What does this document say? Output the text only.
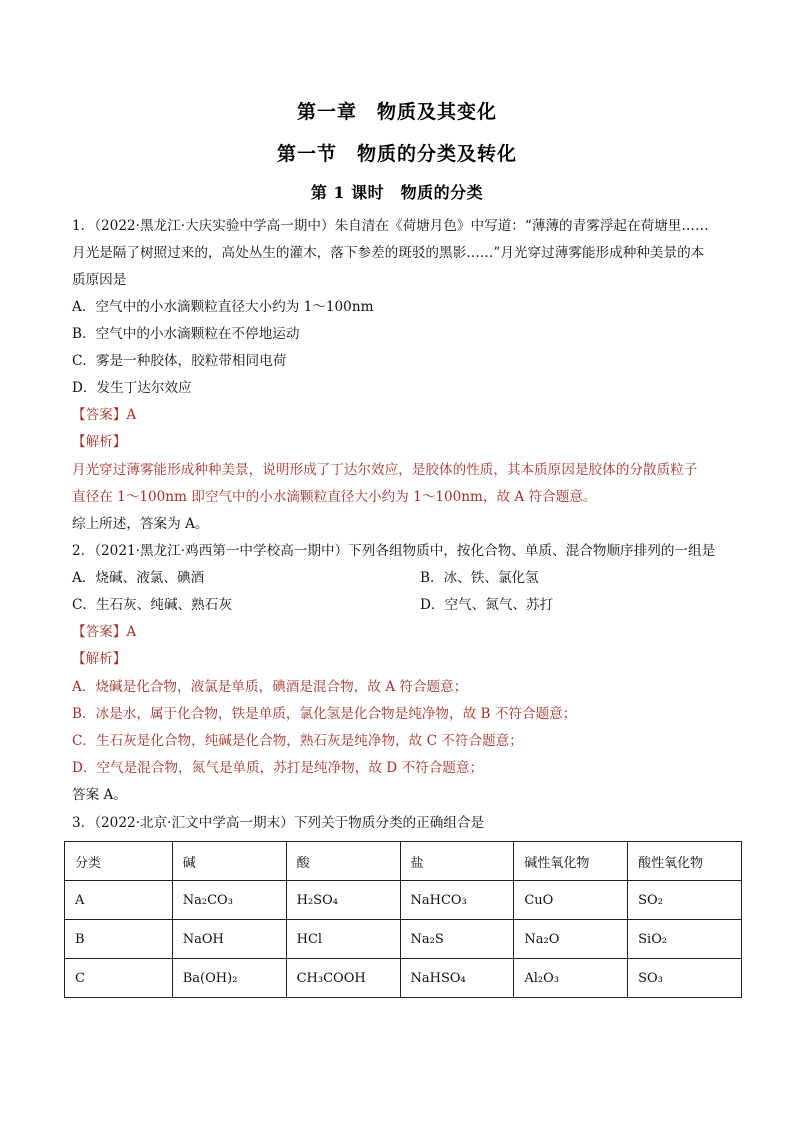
第一章　物质及其变化
第一节　物质的分类及转化
第 1 课时　物质的分类
1．（2022·黑龙江·大庆实验中学高一期中）朱自清在《荷塘月色》中写道：“薄薄的青雾浮起在荷塘里……
月光是隔了树照过来的，高处丛生的灌木，落下参差的斑驳的黑影……”月光穿过薄雾能形成种种美景的本
质原因是
A．空气中的小水滴颗粒直径大小约为 1～100nm
B．空气中的小水滴颗粒在不停地运动
C．雾是一种胶体，胶粒带相同电荷
D．发生丁达尔效应
【答案】A
【解析】
月光穿过薄雾能形成种种美景，说明形成了丁达尔效应，是胶体的性质，其本质原因是胶体的分散质粒子
直径在 1～100nm 即空气中的小水滴颗粒直径大小约为 1～100nm，故 A 符合题意。
综上所述，答案为 A。
2．（2021·黑龙江·鸡西第一中学校高一期中）下列各组物质中，按化合物、单质、混合物顺序排列的一组是
A．烧碱、液氯、碘酒	B．冰、铁、氯化氢
C．生石灰、纯碱、熟石灰	D．空气、氮气、苏打
【答案】A
【解析】
A．烧碱是化合物，液氯是单质，碘酒是混合物，故 A 符合题意；
B．冰是水，属于化合物，铁是单质，氯化氢是化合物是纯净物，故 B 不符合题意；
C．生石灰是化合物，纯碱是化合物，熟石灰是纯净物，故 C 不符合题意；
D．空气是混合物，氮气是单质，苏打是纯净物，故 D 不符合题意；
答案 A。
3．（2022·北京·汇文中学高一期末）下列关于物质分类的正确组合是
分类	碱	酸	盐	碱性氧化物	酸性氧化物
A	Na₂CO₃	H₂SO₄	NaHCO₃	CuO	SO₂
B	NaOH	HCl	Na₂S	Na₂O	SiO₂
C	Ba(OH)₂	CH₃COOH	NaHSO₄	Al₂O₃	SO₃
